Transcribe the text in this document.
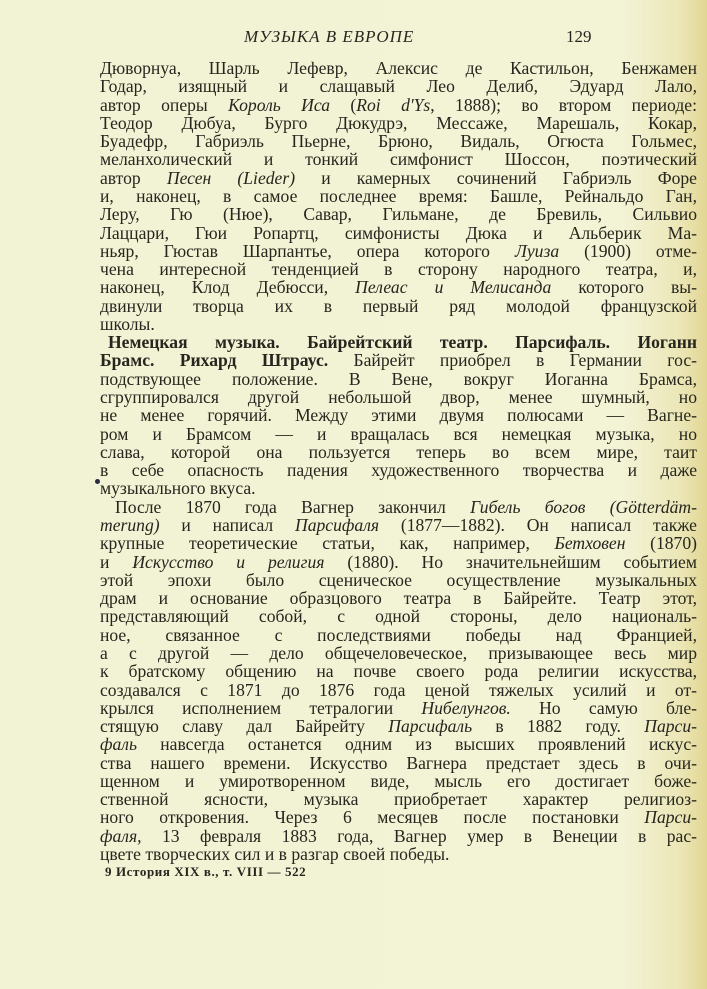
МУЗЫКА В ЕВРОПЕ	129
Дюворнуа, Шарль Лефевр, Алексис де Кастильон, Бенжамен
Годар, изящный и слащавый Лео Делиб, Эдуард Лало,
автор оперы Король Иса (Roi d'Ys, 1888); во втором периоде:
Теодор Дюбуа, Бурго Дюкудрэ, Мессаже, Марешаль, Кокар,
Буадефр, Габриэль Пьерне, Брюно, Видаль, Огюста Гольмес,
меланхолический и тонкий симфонист Шоссон, поэтический
автор Песен (Lieder) и камерных сочинений Габриэль Форе
и, наконец, в самое последнее время: Башле, Рейнальдо Ган,
Леру, Гю (Нюе), Савар, Гильмане, де Бревиль, Сильвио
Лаццари, Гюи Ропартц, симфонисты Дюка и Альберик Ма-
ньяр, Гюстав Шарпантье, опера которого Луиза (1900) отме-
чена интересной тенденцией в сторону народного театра, и,
наконец, Клод Дебюсси, Пелеас и Мелисанда которого вы-
двинули творца их в первый ряд молодой французской
школы.
Немецкая музыка. Байрейтский театр. Парсифаль. Иоганн
Брамс. Рихард Штраус. Байрейт приобрел в Германии гос-
подствующее положение. В Вене, вокруг Иоганна Брамса,
сгруппировался другой небольшой двор, менее шумный, но
не менее горячий. Между этими двумя полюсами — Вагне-
ром и Брамсом — и вращалась вся немецкая музыка, но
слава, которой она пользуется теперь во всем мире, таит
в себе опасность падения художественного творчества и даже
музыкального вкуса.
После 1870 года Вагнер закончил Гибель богов (Götterdäm-
merung) и написал Парсифаля (1877—1882). Он написал также
крупные теоретические статьи, как, например, Бетховен (1870)
и Искусство и религия (1880). Но значительнейшим событием
этой эпохи было сценическое осуществление музыкальных
драм и основание образцового театра в Байрейте. Театр этот,
представляющий собой, с одной стороны, дело националь-
ное, связанное с последствиями победы над Францией,
а с другой — дело общечеловеческое, призывающее весь мир
к братскому общению на почве своего рода религии искусства,
создавался с 1871 до 1876 года ценой тяжелых усилий и от-
крылся исполнением тетралогии Нибелунгов. Но самую бле-
стящую славу дал Байрейту Парсифаль в 1882 году. Парси-
фаль навсегда останется одним из высших проявлений искус-
ства нашего времени. Искусство Вагнера предстает здесь в очи-
щенном и умиротворенном виде, мысль его достигает боже-
ственной ясности, музыка приобретает характер религиоз-
ного откровения. Через 6 месяцев после постановки Парси-
фаля, 13 февраля 1883 года, Вагнер умер в Венеции в рас-
цвете творческих сил и в разгар своей победы.
9 История XIX в., т. VIII — 522
